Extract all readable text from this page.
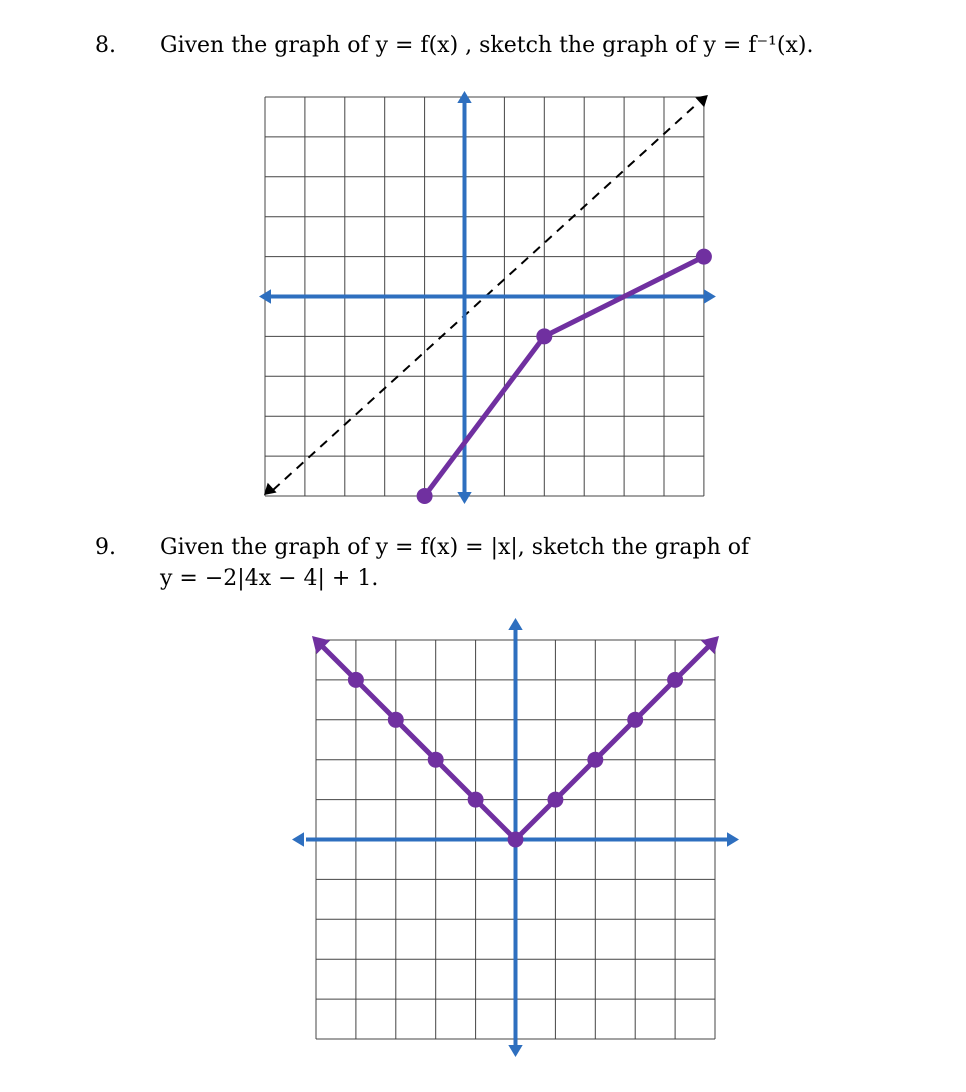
8. Given the graph of y = f(x) , sketch the graph of y = f⁻¹(x).
9. Given the graph of y = f(x) = |x|, sketch the graph of
y = −2|4x − 4| + 1.
